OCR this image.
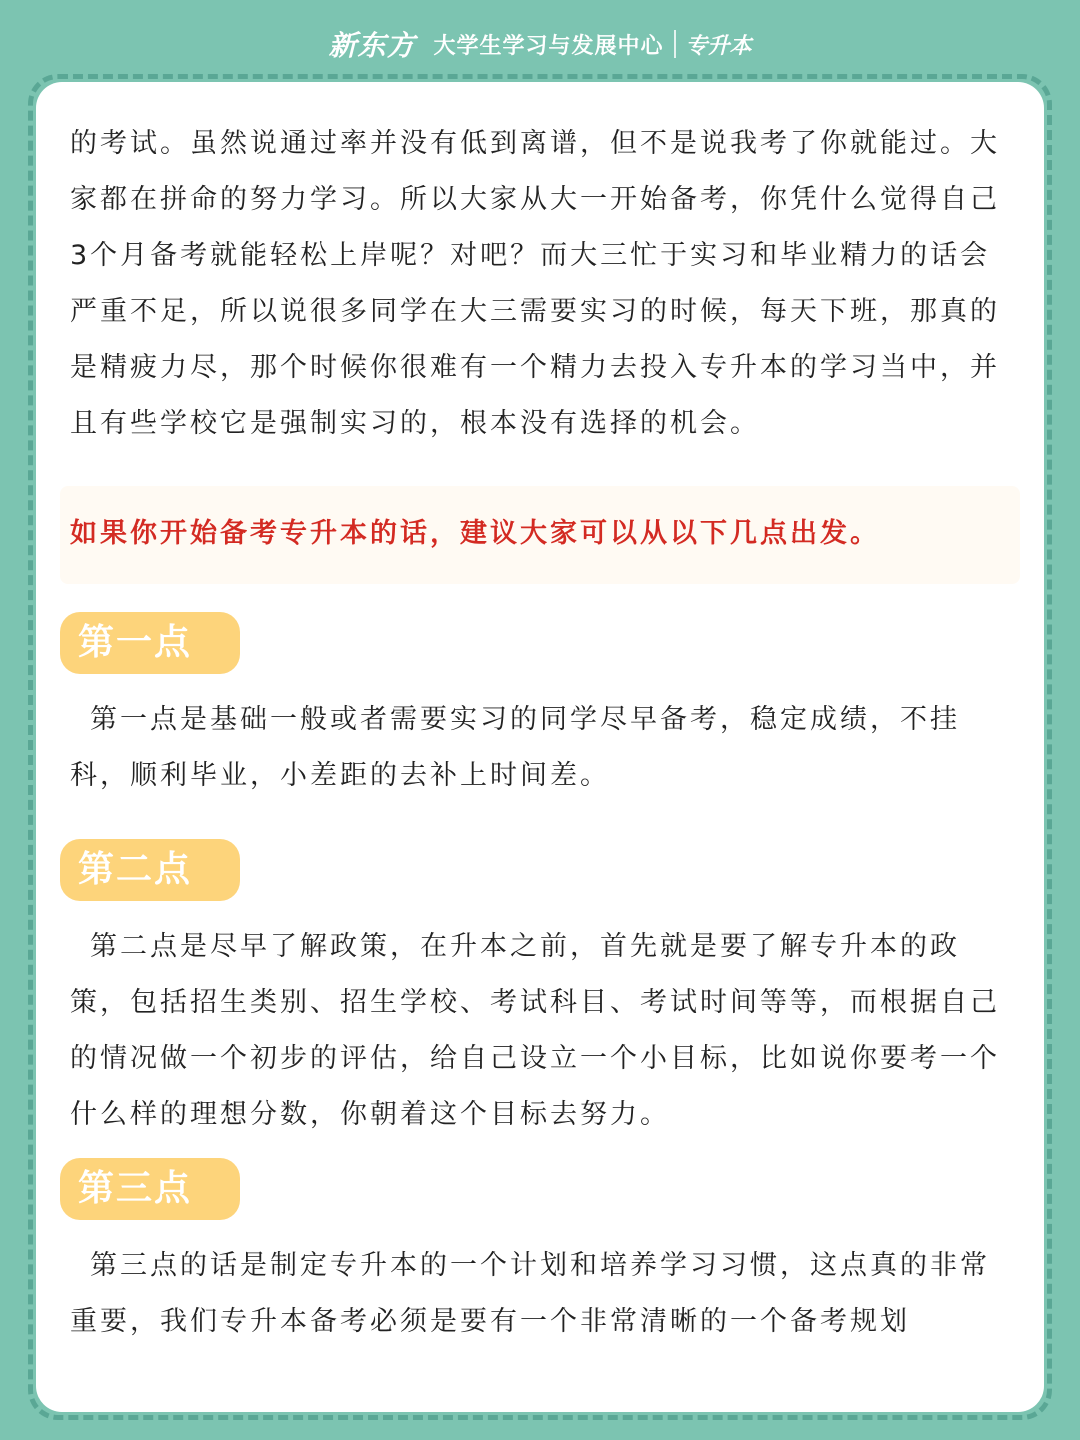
新东方 大学生学习与发展中心 专升本

的考试。虽然说通过率并没有低到离谱，但不是说我考了你就能过。大家都在拼命的努力学习。所以大家从大一开始备考，你凭什么觉得自己3个月备考就能轻松上岸呢？对吧？而大三忙于实习和毕业精力的话会严重不足，所以说很多同学在大三需要实习的时候，每天下班，那真的是精疲力尽，那个时候你很难有一个精力去投入专升本的学习当中，并且有些学校它是强制实习的，根本没有选择的机会。

如果你开始备考专升本的话，建议大家可以从以下几点出发。
第一点

第一点是基础一般或者需要实习的同学尽早备考，稳定成绩，不挂科，顺利毕业，小差距的去补上时间差。

第二点

第二点是尽早了解政策，在升本之前，首先就是要了解专升本的政策，包括招生类别、招生学校、考试科目、考试时间等等，而根据自己的情况做一个初步的评估，给自己设立一个小目标，比如说你要考一个什么样的理想分数，你朝着这个目标去努力。

第三点

第三点的话是制定专升本的一个计划和培养学习习惯，这点真的非常重要，我们专升本备考必须是要有一个非常清晰的一个备考规划
